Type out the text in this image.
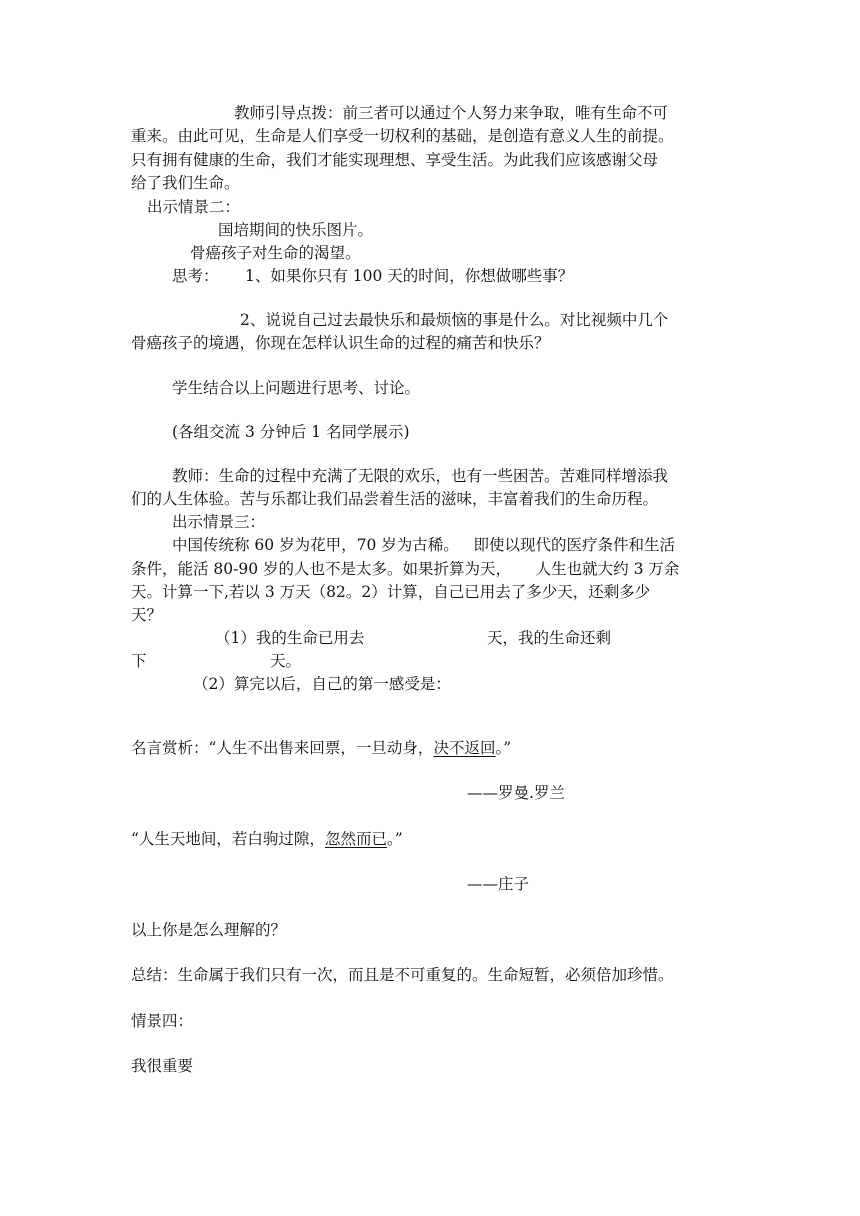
教师引导点拨：前三者可以通过个人努力来争取，唯有生命不可
重来。由此可见，生命是人们享受一切权利的基础，是创造有意义人生的前提。
只有拥有健康的生命，我们才能实现理想、享受生活。为此我们应该感谢父母
给了我们生命。
出示情景二：
国培期间的快乐图片。
骨癌孩子对生命的渴望。
思考： 1、如果你只有 100 天的时间，你想做哪些事？
2、说说自己过去最快乐和最烦恼的事是什么。对比视频中几个
骨癌孩子的境遇，你现在怎样认识生命的过程的痛苦和快乐？
学生结合以上问题进行思考、讨论。
(各组交流 3 分钟后 1 名同学展示)
教师：生命的过程中充满了无限的欢乐，也有一些困苦。苦难同样增添我
们的人生体验。苦与乐都让我们品尝着生活的滋味，丰富着我们的生命历程。
出示情景三：
中国传统称 60 岁为花甲，70 岁为古稀。   即使以现代的医疗条件和生活
条件，能活 80-90 岁的人也不是太多。如果折算为天，     人生也就大约 3 万余
天。计算一下,若以 3 万天（82。2）计算，自己已用去了多少天，还剩多少
天？
（1）我的生命已用去	天，我的生命还剩
下	天。
（2）算完以后，自己的第一感受是：
名言赏析：“人生不出售来回票，一旦动身，决不返回。”
——罗曼.罗兰
“人生天地间，若白驹过隙，忽然而已。”
——庄子
以上你是怎么理解的？
总结：生命属于我们只有一次，而且是不可重复的。生命短暂，必须倍加珍惜。
情景四：
我很重要
